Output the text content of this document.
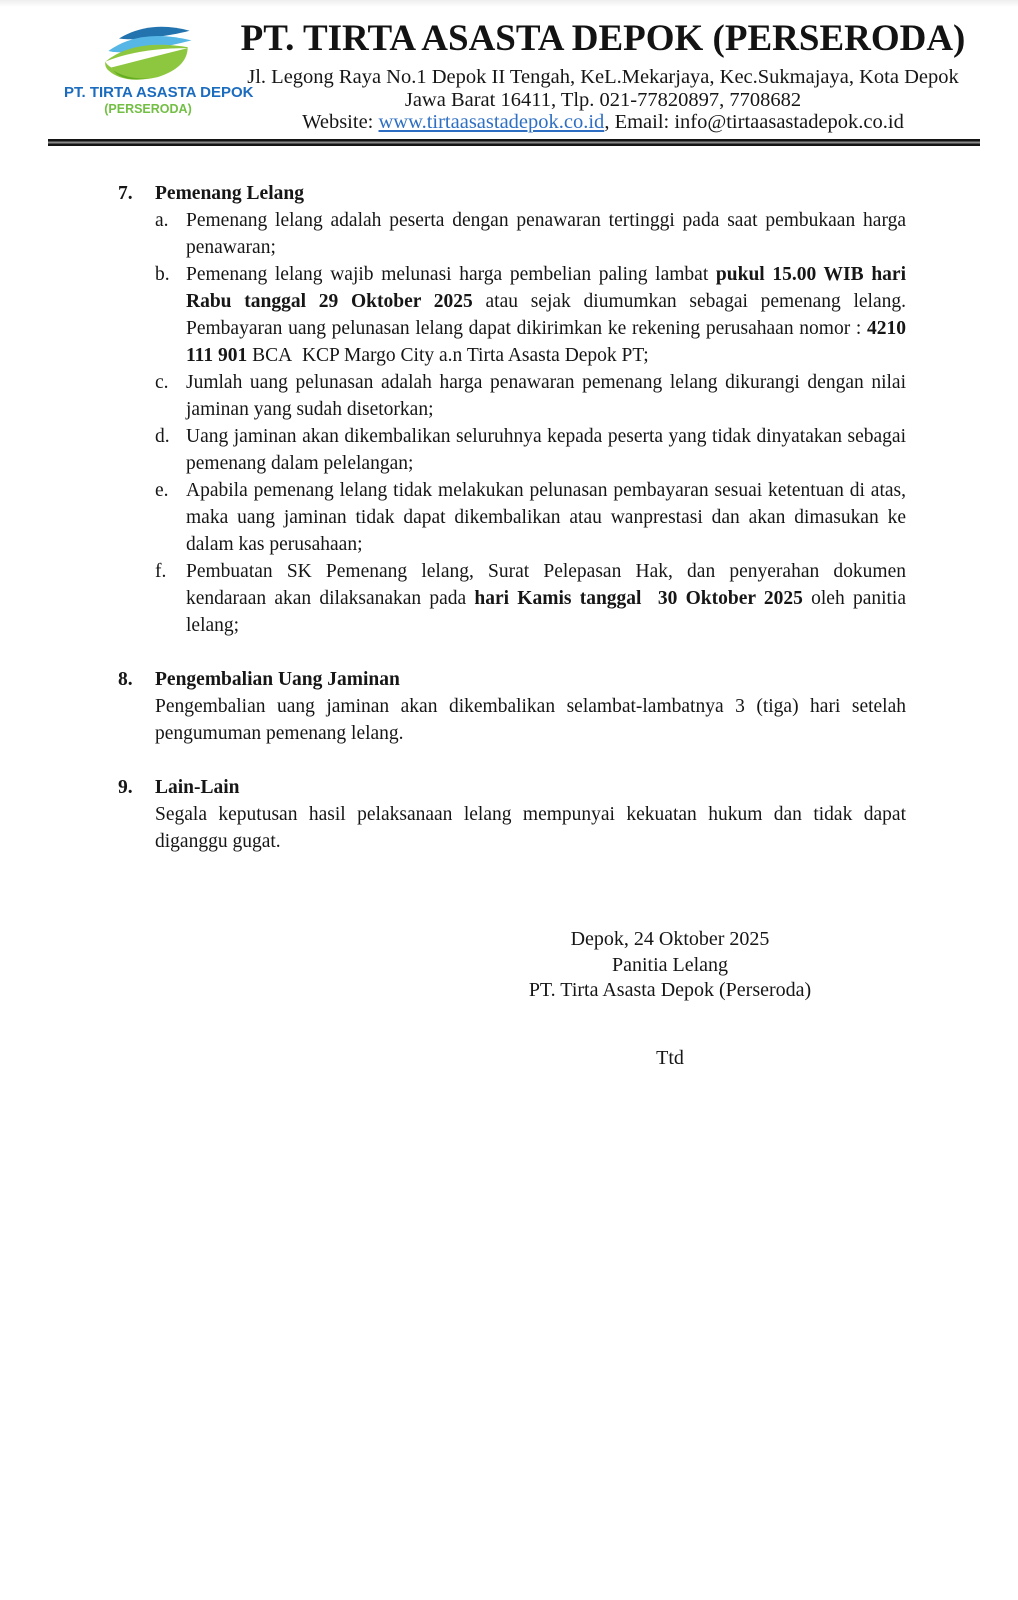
PT. TIRTA ASASTA DEPOK
(PERSERODA)
PT. TIRTA ASASTA DEPOK (PERSERODA)
Jl. Legong Raya No.1 Depok II Tengah, KeL.Mekarjaya, Kec.Sukmajaya, Kota Depok
Jawa Barat 16411, Tlp. 021-77820897, 7708682
Website: www.tirtaasastadepok.co.id, Email: info@tirtaasastadepok.co.id
7.	Pemenang Lelang
a. Pemenang lelang adalah peserta dengan penawaran tertinggi pada saat pembukaan harga penawaran;
b. Pemenang lelang wajib melunasi harga pembelian paling lambat pukul 15.00 WIB hari Rabu tanggal 29 Oktober 2025 atau sejak diumumkan sebagai pemenang lelang. Pembayaran uang pelunasan lelang dapat dikirimkan ke rekening perusahaan nomor : 4210 111 901 BCA  KCP Margo City a.n Tirta Asasta Depok PT;
c. Jumlah uang pelunasan adalah harga penawaran pemenang lelang dikurangi dengan nilai jaminan yang sudah disetorkan;
d. Uang jaminan akan dikembalikan seluruhnya kepada peserta yang tidak dinyatakan sebagai pemenang dalam pelelangan;
e. Apabila pemenang lelang tidak melakukan pelunasan pembayaran sesuai ketentuan di atas, maka uang jaminan tidak dapat dikembalikan atau wanprestasi dan akan dimasukan ke dalam kas perusahaan;
f.	Pembuatan SK Pemenang lelang, Surat Pelepasan Hak, dan penyerahan dokumen kendaraan akan dilaksanakan pada hari Kamis tanggal  30 Oktober 2025 oleh panitia lelang;
8.	Pengembalian Uang Jaminan
Pengembalian uang jaminan akan dikembalikan selambat-lambatnya 3 (tiga) hari setelah pengumuman pemenang lelang.
9.	Lain-Lain
Segala keputusan hasil pelaksanaan lelang mempunyai kekuatan hukum dan tidak dapat diganggu gugat.
Depok, 24 Oktober 2025
Panitia Lelang
PT. Tirta Asasta Depok (Perseroda)
Ttd
